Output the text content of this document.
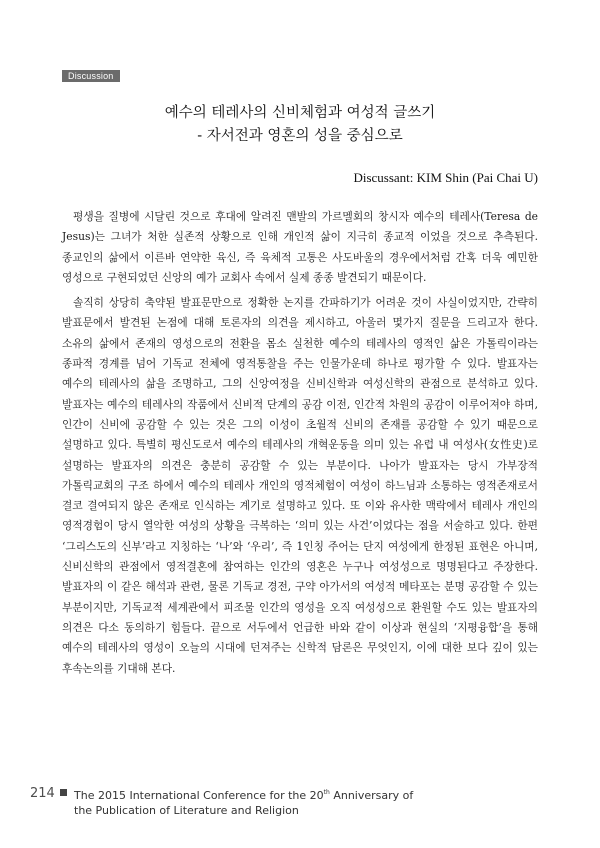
Discussion
예수의 테레사의 신비체험과 여성적 글쓰기
- 자서전과 영혼의 성을 중심으로
Discussant: KIM Shin (Pai Chai U)

평생을 질병에 시달린 것으로 후대에 알려진 맨발의 가르멜회의 창시자 예수의 테레사(Teresa de Jesus)는 그녀가 처한 실존적 상황으로 인해 개인적 삶이 지극히 종교적 이었을 것으로 추측된다. 종교인의 삶에서 이른바 연약한 육신, 즉 육체적 고통은 사도바울의 경우에서처럼 간혹 더욱 예민한 영성으로 구현되었던 신앙의 예가 교회사 속에서 실제 종종 발견되기 때문이다.

솔직히 상당히 축약된 발표문만으로 정확한 논지를 간파하기가 어려운 것이 사실이었지만, 간략히 발표문에서 발견된 논점에 대해 토론자의 의견을 제시하고, 아울러 몇가지 질문을 드리고자 한다. 소유의 삶에서 존재의 영성으로의 전환을 몸소 실천한 예수의 테레사의 영적인 삶은 가톨릭이라는 종파적 경계를 넘어 기독교 전체에 영적통찰을 주는 인물가운데 하나로 평가할 수 있다. 발표자는 예수의 테레사의 삶을 조명하고, 그의 신앙여정을 신비신학과 여성신학의 관점으로 분석하고 있다. 발표자는 예수의 테레사의 작품에서 신비적 단계의 공감 이전, 인간적 차원의 공감이 이루어져야 하며, 인간이 신비에 공감할 수 있는 것은 그의 이성이 초월적 신비의 존재를 공감할 수 있기 때문으로 설명하고 있다. 특별히 평신도로서 예수의 테레사의 개혁운동을 의미 있는 유럽 내 여성사(女性史)로 설명하는 발표자의 의견은 충분히 공감할 수 있는 부분이다. 나아가 발표자는 당시 가부장적 가톨릭교회의 구조 하에서 예수의 테레사 개인의 영적체험이 여성이 하느님과 소통하는 영적존재로서 결코 결여되지 않은 존재로 인식하는 계기로 설명하고 있다. 또 이와 유사한 맥락에서 테레사 개인의 영적경험이 당시 열악한 여성의 상황을 극복하는 ‘의미 있는 사건’이었다는 점을 서술하고 있다. 한편 ‘그리스도의 신부’라고 지칭하는 ‘나’와 ‘우리’, 즉 1인칭 주어는 단지 여성에게 한정된 표현은 아니며, 신비신학의 관점에서 영적결혼에 참여하는 인간의 영혼은 누구나 여성성으로 명명된다고 주장한다. 발표자의 이 같은 해석과 관련, 물론 기독교 경전, 구약 아가서의 여성적 메타포는 분명 공감할 수 있는 부분이지만, 기독교적 세계관에서 피조물 인간의 영성을 오직 여성성으로 환원할 수도 있는 발표자의 의견은 다소 동의하기 힘들다. 끝으로 서두에서 언급한 바와 같이 이상과 현실의 ‘지평융합’을 통해 예수의 테레사의 영성이 오늘의 시대에 던져주는 신학적 담론은 무엇인지, 이에 대한 보다 깊이 있는 후속논의를 기대해 본다.

214 The 2015 International Conference for the 20th Anniversary of
the Publication of Literature and Religion
